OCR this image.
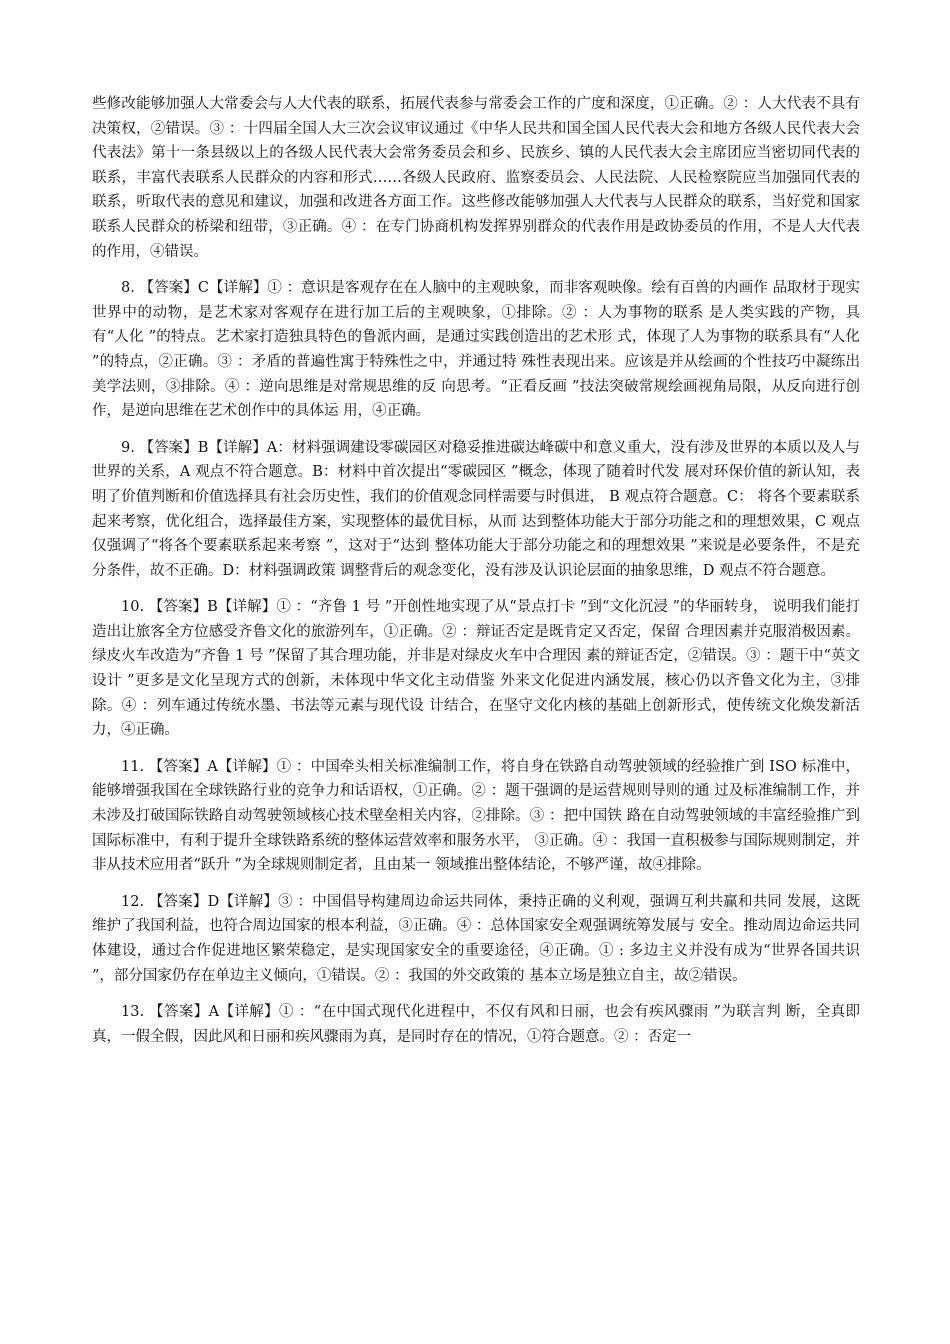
些修改能够加强人大常委会与人大代表的联系，拓展代表参与常委会工作的广度和深度，①正确。② ：人大代表不具有决策权，②错误。③ ：十四届全国人大三次会议审议通过《中华人民共和国全国人民代表大会和地方各级人民代表大会代表法》第十一条县级以上的各级人民代表大会常务委员会和乡、民族乡、镇的人民代表大会主席团应当密切同代表的联系，丰富代表联系人民群众的内容和形式……各级人民政府、监察委员会、人民法院、人民检察院应当加强同代表的联系，听取代表的意见和建议，加强和改进各方面工作。这些修改能够加强人大代表与人民群众的联系，当好党和国家联系人民群众的桥梁和纽带，③正确。④ ：在专门协商机构发挥界别群众的代表作用是政协委员的作用，不是人大代表的作用，④错误。

8. 【答案】C【详解】① ：意识是客观存在在人脑中的主观映象，而非客观映像。绘有百兽的内画作 品取材于现实世界中的动物，是艺术家对客观存在进行加工后的主观映象，①排除。② ：人为事物的联系 是人类实践的产物，具有“人化 ”的特点。艺术家打造独具特色的鲁派内画，是通过实践创造出的艺术形 式，体现了人为事物的联系具有“人化 ”的特点，②正确。③ ：矛盾的普遍性寓于特殊性之中，并通过特 殊性表现出来。应该是并从绘画的个性技巧中凝练出美学法则，③排除。④ ：逆向思维是对常规思维的反 向思考。“正看反画 ”技法突破常规绘画视角局限，从反向进行创作，是逆向思维在艺术创作中的具体运 用，④正确。

9. 【答案】B【详解】A：材料强调建设零碳园区对稳妥推进碳达峰碳中和意义重大，没有涉及世界的本质以及人与世界的关系，A 观点不符合题意。B：材料中首次提出“零碳园区 ”概念，体现了随着时代发 展对环保价值的新认知，表明了价值判断和价值选择具有社会历史性，我们的价值观念同样需要与时俱进， B 观点符合题意。C： 将各个要素联系起来考察，优化组合，选择最佳方案，实现整体的最优目标，从而 达到整体功能大于部分功能之和的理想效果，C 观点仅强调了“将各个要素联系起来考察 ”，这对于“达到 整体功能大于部分功能之和的理想效果 ”来说是必要条件，不是充分条件，故不正确。D：材料强调政策 调整背后的观念变化，没有涉及认识论层面的抽象思维，D 观点不符合题意。

10. 【答案】B【详解】① ：“齐鲁 1 号 ”开创性地实现了从“景点打卡 ”到“文化沉浸 ”的华丽转身， 说明我们能打造出让旅客全方位感受齐鲁文化的旅游列车，①正确。② ：辩证否定是既肯定又否定，保留 合理因素并克服消极因素。绿皮火车改造为“齐鲁 1 号 ”保留了其合理功能，并非是对绿皮火车中合理因 素的辩证否定，②错误。③ ：题干中“英文设计 ”更多是文化呈现方式的创新，未体现中华文化主动借鉴 外来文化促进内涵发展，核心仍以齐鲁文化为主，③排除。④ ：列车通过传统水墨、书法等元素与现代设 计结合，在坚守文化内核的基础上创新形式，使传统文化焕发新活力，④正确。

11. 【答案】A【详解】① ：中国牵头相关标准编制工作，将自身在铁路自动驾驶领域的经验推广到 ISO 标准中，能够增强我国在全球铁路行业的竞争力和话语权，①正确。② ：题干强调的是运营规则导则的通 过及标准编制工作，并未涉及打破国际铁路自动驾驶领域核心技术壁垒相关内容，②排除。③ ：把中国铁 路在自动驾驶领域的丰富经验推广到国际标准中，有利于提升全球铁路系统的整体运营效率和服务水平， ③正确。④ ：我国一直积极参与国际规则制定，并非从技术应用者“跃升 ”为全球规则制定者，且由某一 领域推出整体结论，不够严谨，故④排除。

12. 【答案】D【详解】③ ：中国倡导构建周边命运共同体，秉持正确的义利观，强调互利共赢和共同 发展，这既维护了我国利益，也符合周边国家的根本利益，③正确。④ ：总体国家安全观强调统筹发展与 安全。推动周边命运共同体建设，通过合作促进地区繁荣稳定，是实现国家安全的重要途径，④正确。① : 多边主义并没有成为“世界各国共识 ”，部分国家仍存在单边主义倾向，①错误。② ：我国的外交政策的 基本立场是独立自主，故②错误。

13. 【答案】A【详解】① ：“在中国式现代化进程中，不仅有风和日丽，也会有疾风骤雨 ”为联言判 断，全真即真，一假全假，因此风和日丽和疾风骤雨为真，是同时存在的情况，①符合题意。② ：否定一
